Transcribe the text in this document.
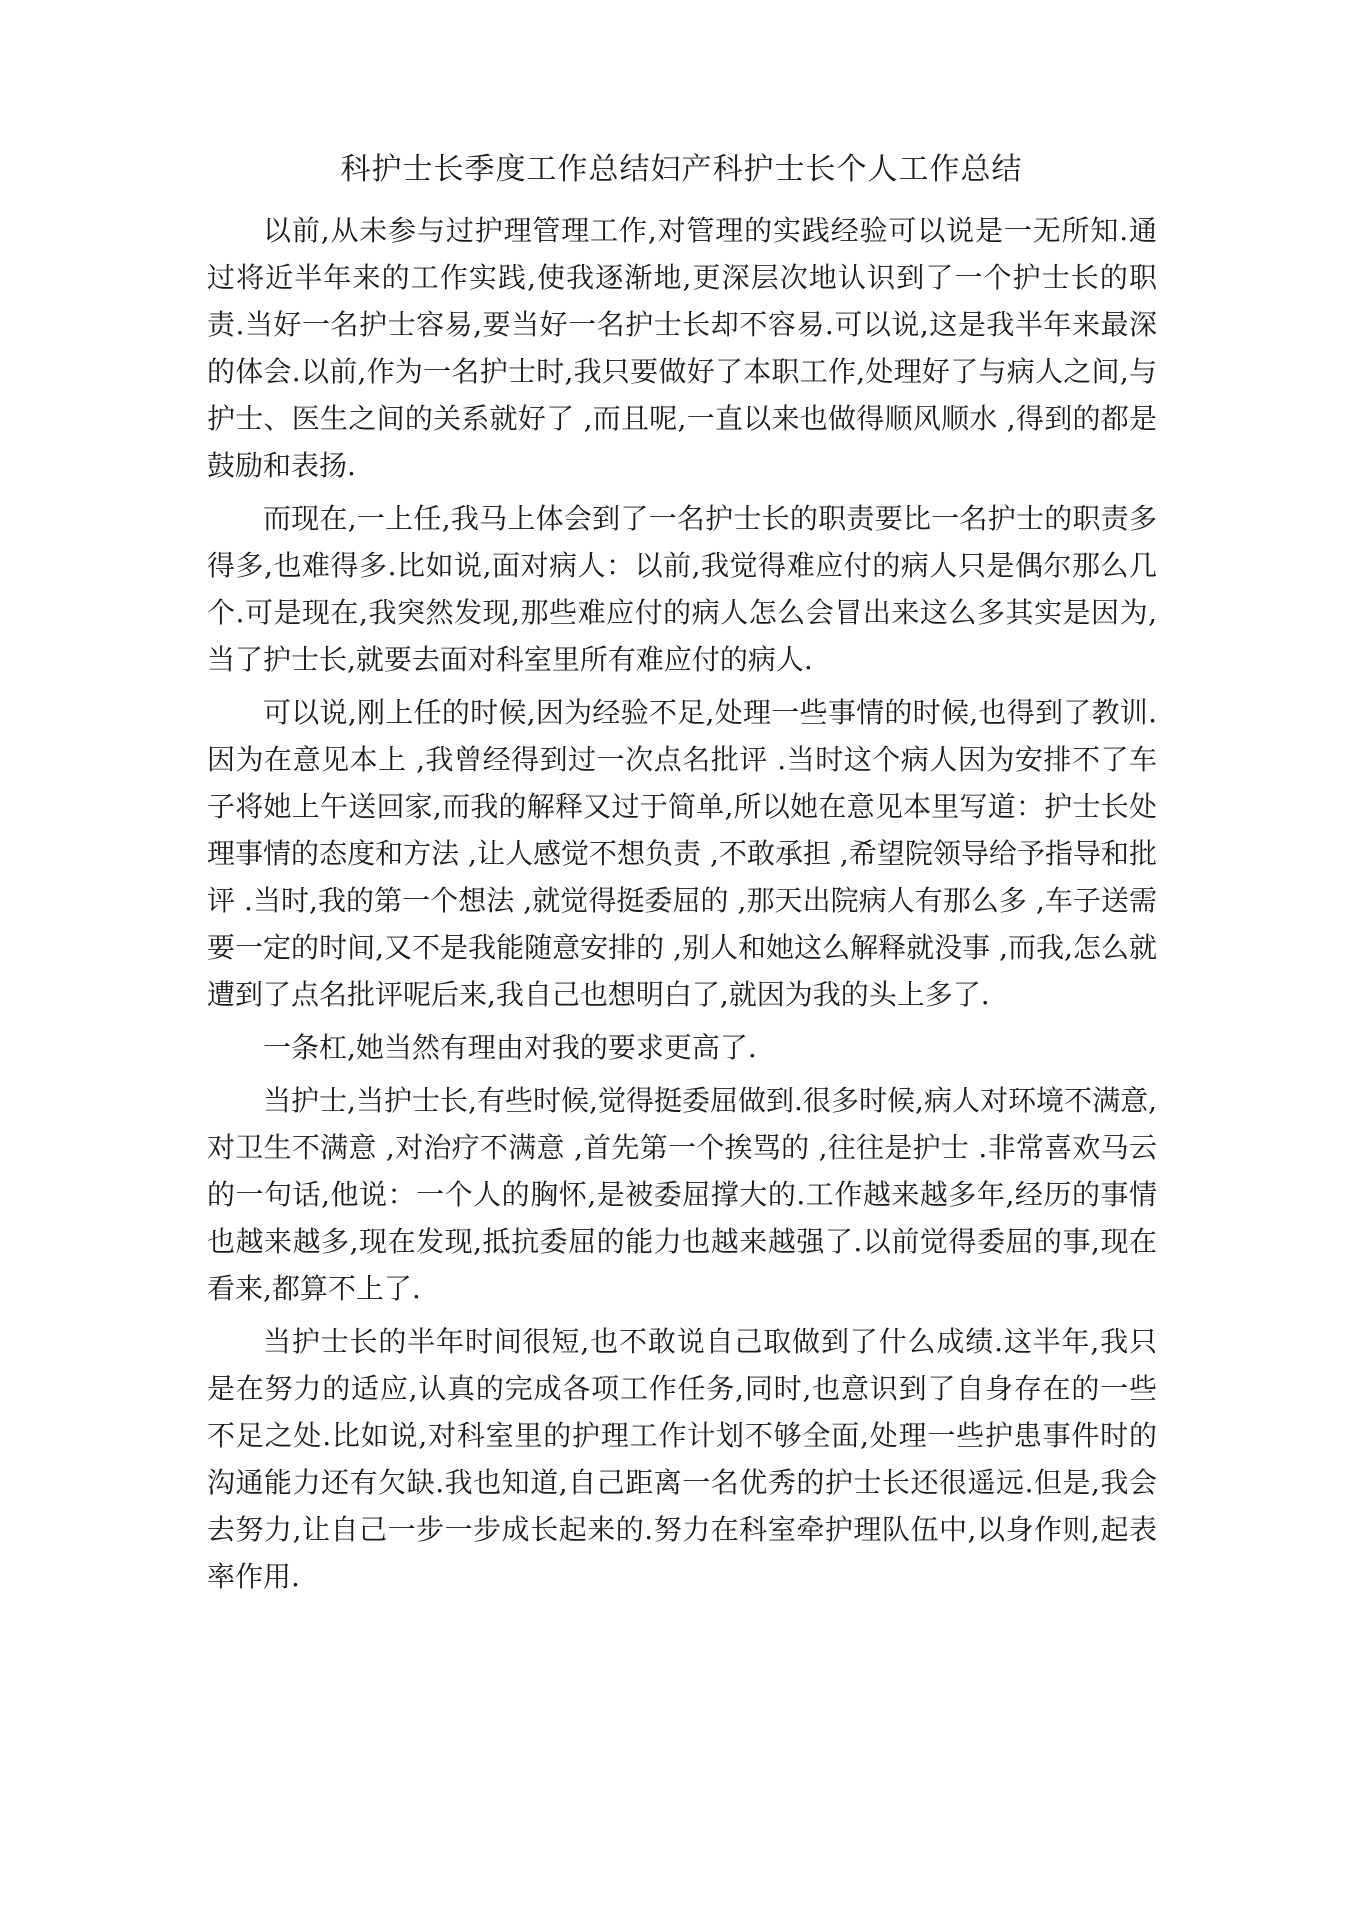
科护士长季度工作总结妇产科护士长个人工作总结

以前,从未参与过护理管理工作,对管理的实践经验可以说是一无所知.通过将近半年来的工作实践,使我逐渐地,更深层次地认识到了一个护士长的职责.当好一名护士容易,要当好一名护士长却不容易.可以说,这是我半年来最深的体会.以前,作为一名护士时,我只要做好了本职工作,处理好了与病人之间,与护士、医生之间的关系就好了 ,而且呢,一直以来也做得顺风顺水 ,得到的都是鼓励和表扬.

而现在,一上任,我马上体会到了一名护士长的职责要比一名护士的职责多得多,也难得多.比如说,面对病人：以前,我觉得难应付的病人只是偶尔那么几个.可是现在,我突然发现,那些难应付的病人怎么会冒出来这么多其实是因为,当了护士长,就要去面对科室里所有难应付的病人.

可以说,刚上任的时候,因为经验不足,处理一些事情的时候,也得到了教训.因为在意见本上 ,我曾经得到过一次点名批评 .当时这个病人因为安排不了车子将她上午送回家,而我的解释又过于简单,所以她在意见本里写道：护士长处理事情的态度和方法 ,让人感觉不想负责 ,不敢承担 ,希望院领导给予指导和批评 .当时,我的第一个想法 ,就觉得挺委屈的 ,那天出院病人有那么多 ,车子送需要一定的时间,又不是我能随意安排的 ,别人和她这么解释就没事 ,而我,怎么就遭到了点名批评呢后来,我自己也想明白了,就因为我的头上多了.

一条杠,她当然有理由对我的要求更高了.

当护士,当护士长,有些时候,觉得挺委屈做到.很多时候,病人对环境不满意,对卫生不满意 ,对治疗不满意 ,首先第一个挨骂的 ,往往是护士 .非常喜欢马云的一句话,他说：一个人的胸怀,是被委屈撑大的.工作越来越多年,经历的事情也越来越多,现在发现,抵抗委屈的能力也越来越强了.以前觉得委屈的事,现在看来,都算不上了.

当护士长的半年时间很短,也不敢说自己取做到了什么成绩.这半年,我只是在努力的适应,认真的完成各项工作任务,同时,也意识到了自身存在的一些不足之处.比如说,对科室里的护理工作计划不够全面,处理一些护患事件时的沟通能力还有欠缺.我也知道,自己距离一名优秀的护士长还很遥远.但是,我会去努力,让自己一步一步成长起来的.努力在科室牵护理队伍中,以身作则,起表率作用.
